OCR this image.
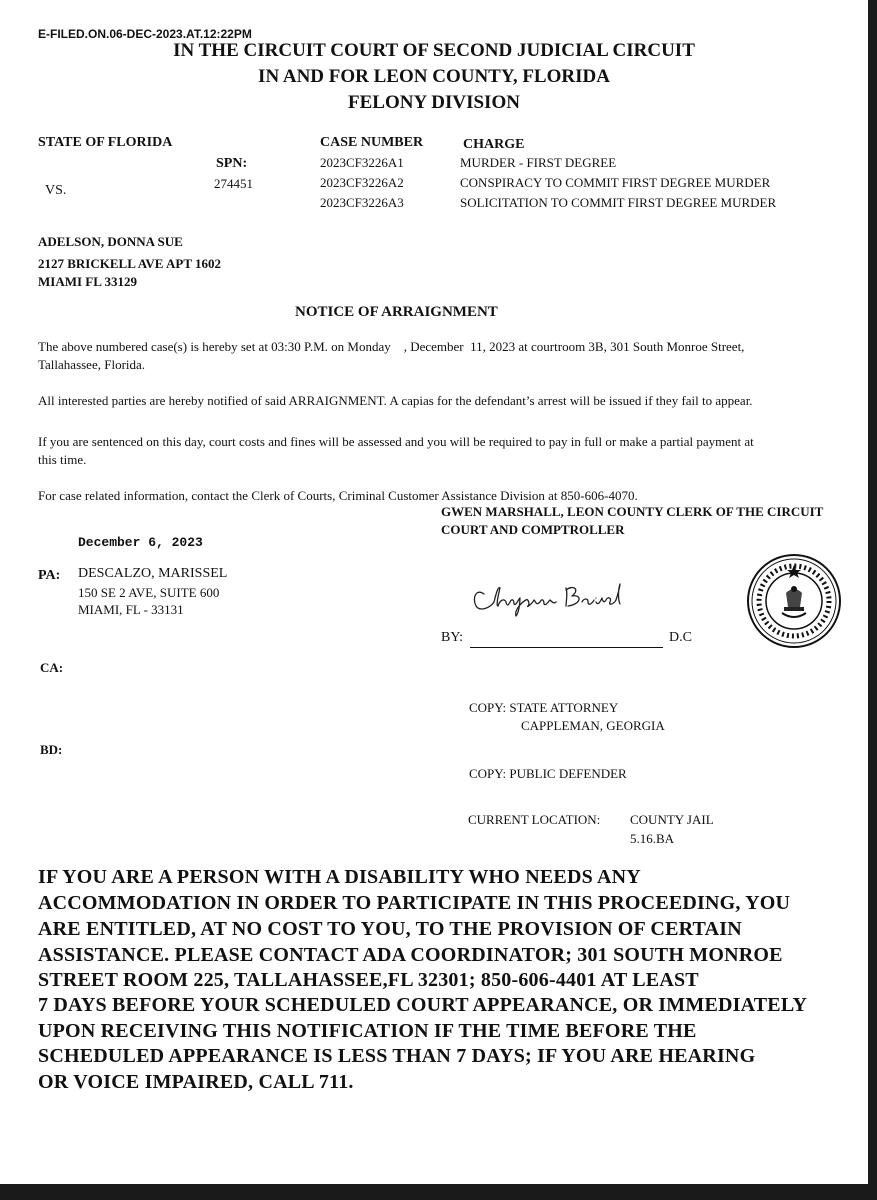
E-FILED.ON.06-DEC-2023.AT.12:22PM
IN THE CIRCUIT COURT OF SECOND JUDICIAL CIRCUIT
IN AND FOR LEON COUNTY, FLORIDA
FELONY DIVISION
STATE OF FLORIDA
VS.
SPN:
274451
CASE NUMBER	CHARGE
2023CF3226A1	MURDER - FIRST DEGREE
2023CF3226A2	CONSPIRACY TO COMMIT FIRST DEGREE MURDER
2023CF3226A3	SOLICITATION TO COMMIT FIRST DEGREE MURDER
ADELSON, DONNA SUE
2127 BRICKELL AVE APT 1602
MIAMI FL 33129
NOTICE OF ARRAIGNMENT
The above numbered case(s) is hereby set at 03:30 P.M. on Monday    , December  11, 2023 at courtroom 3B, 301 South Monroe Street,
Tallahassee, Florida.
All interested parties are hereby notified of said ARRAIGNMENT. A capias for the defendant’s arrest will be issued if they fail to appear.
If you are sentenced on this day, court costs and fines will be assessed and you will be required to pay in full or make a partial payment at
this time.
For case related information, contact the Clerk of Courts, Criminal Customer Assistance Division at 850-606-4070.
GWEN MARSHALL, LEON COUNTY CLERK OF THE CIRCUIT
COURT AND COMPTROLLER
December 6, 2023
PA: DESCALZO, MARISSEL
150 SE 2 AVE, SUITE 600
MIAMI, FL - 33131
BY:	D.C
CA:
COPY: STATE ATTORNEY
CAPPLEMAN, GEORGIA
BD:
COPY: PUBLIC DEFENDER
CURRENT LOCATION: COUNTY JAIL
5.16.BA
IF YOU ARE A PERSON WITH A DISABILITY WHO NEEDS ANY
ACCOMMODATION IN ORDER TO PARTICIPATE IN THIS PROCEEDING, YOU
ARE ENTITLED, AT NO COST TO YOU, TO THE PROVISION OF CERTAIN
ASSISTANCE. PLEASE CONTACT ADA COORDINATOR; 301 SOUTH MONROE
STREET ROOM 225, TALLAHASSEE,FL 32301; 850-606-4401 AT LEAST
7 DAYS BEFORE YOUR SCHEDULED COURT APPEARANCE, OR IMMEDIATELY
UPON RECEIVING THIS NOTIFICATION IF THE TIME BEFORE THE
SCHEDULED APPEARANCE IS LESS THAN 7 DAYS; IF YOU ARE HEARING
OR VOICE IMPAIRED, CALL 711.
